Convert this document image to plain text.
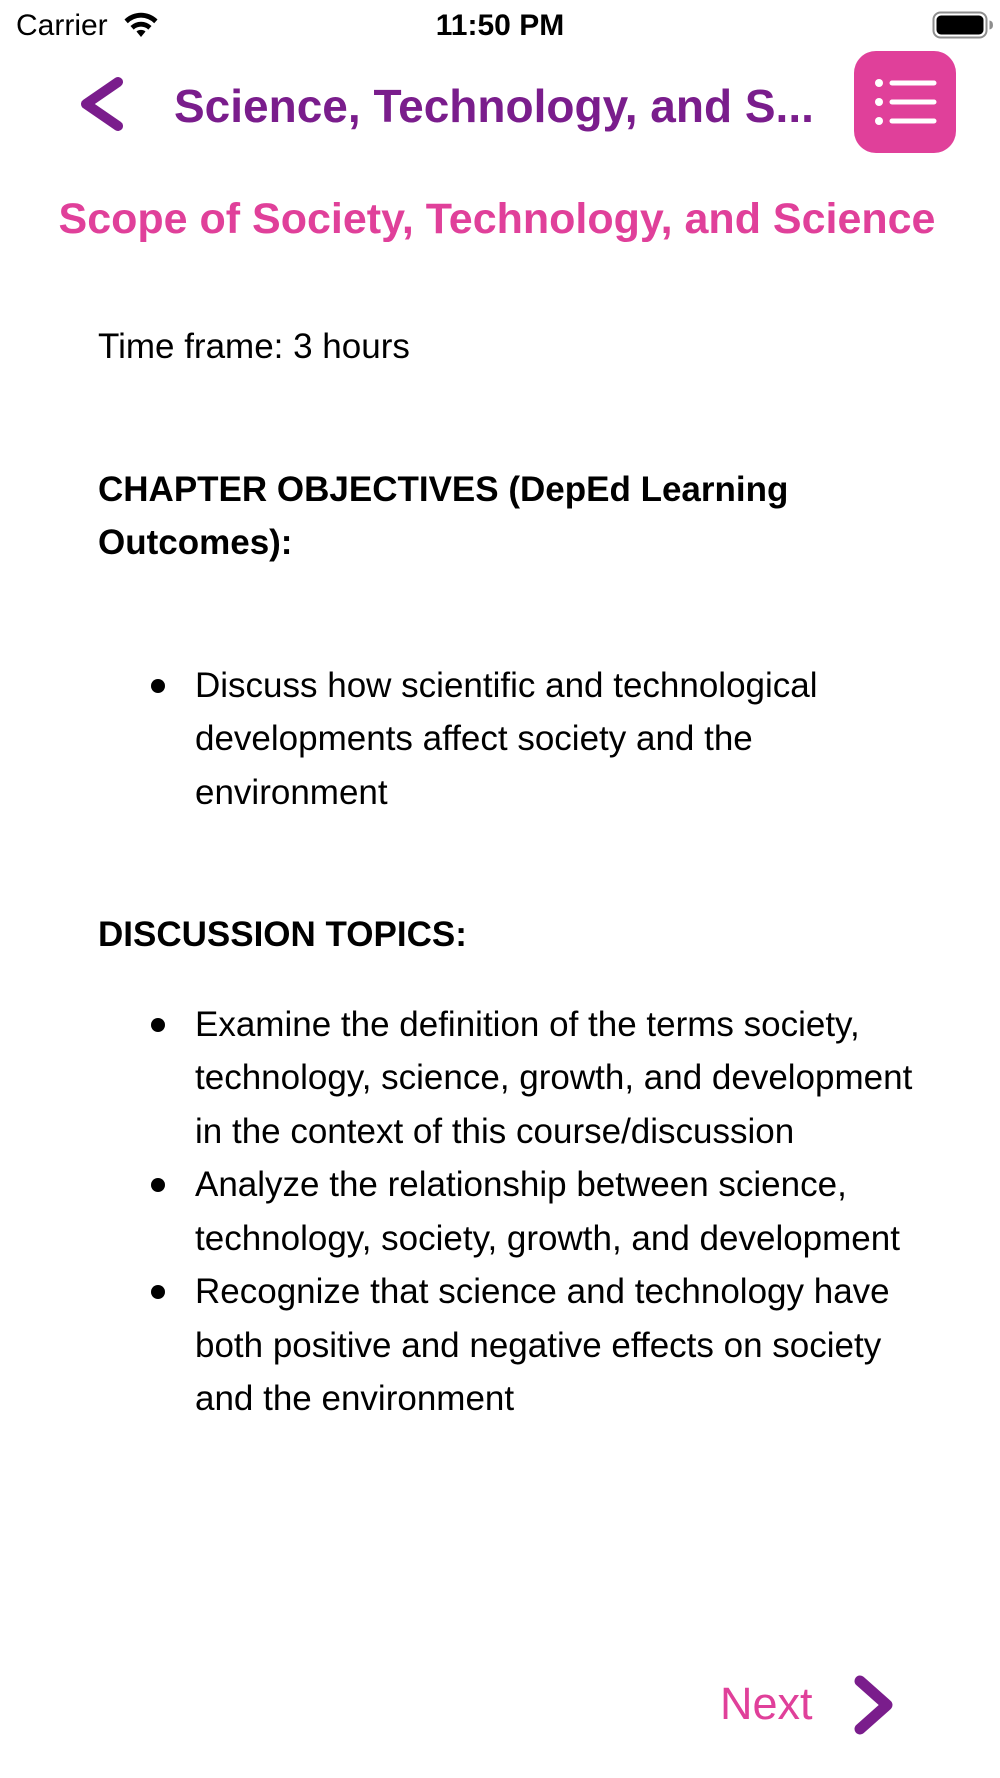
Carrier	11:50 PM
Science, Technology, and S...
Scope of Society, Technology, and Science

Time frame: 3 hours

CHAPTER OBJECTIVES (DepEd Learning Outcomes):

Discuss how scientific and technological developments affect society and the environment

DISCUSSION TOPICS:

Examine the definition of the terms society, technology, science, growth, and development in the context of this course/discussion
Analyze the relationship between science, technology, society, growth, and development
Recognize that science and technology have both positive and negative effects on society and the environment
Next
